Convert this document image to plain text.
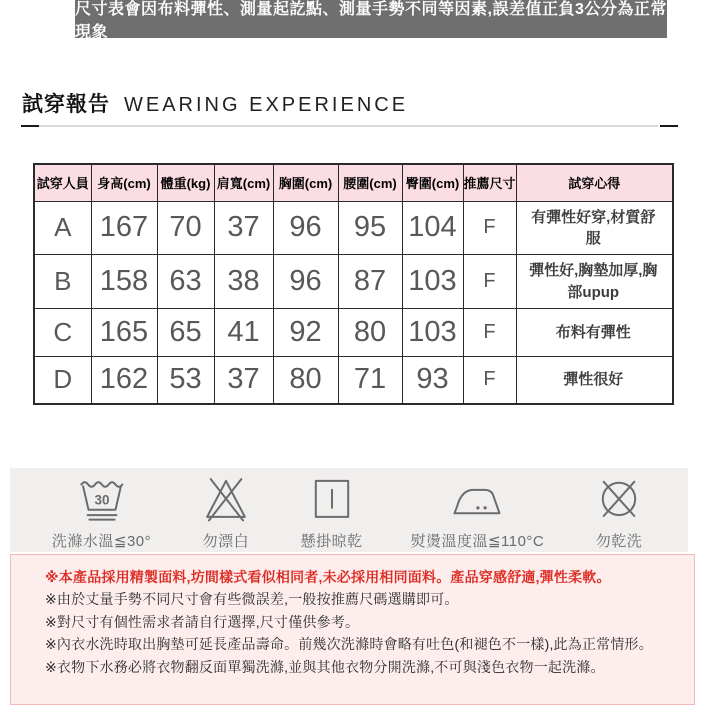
尺寸表會因布料彈性、測量起訖點、測量手勢不同等因素,誤差值正負3公分為正常現象
試穿報告 WEARING EXPERIENCE
試穿人員	身高(cm)	體重(kg)	肩寬(cm)	胸圍(cm)	腰圍(cm)	臀圍(cm)	推薦尺寸	試穿心得
A	167	70	37	96	95	104	F	有彈性好穿,材質舒服
B	158	63	38	96	87	103	F	彈性好,胸墊加厚,胸部upup
C	165	65	41	92	80	103	F	布料有彈性
D	162	53	37	80	71	93	F	彈性很好
30
洗滌水溫≦30°	勿漂白	懸掛晾乾	熨燙溫度溫≦110°C	勿乾洗
※本產品採用精製面料,坊間樣式看似相同者,未必採用相同面料。產品穿感舒適,彈性柔軟。
※由於丈量手勢不同尺寸會有些微誤差,一般按推薦尺碼選購即可。
※對尺寸有個性需求者請自行選擇,尺寸僅供參考。
※內衣水洗時取出胸墊可延長產品壽命。前幾次洗滌時會略有吐色(和褪色不一樣),此為正常情形。
※衣物下水務必將衣物翻反面單獨洗滌,並與其他衣物分開洗滌,不可與淺色衣物一起洗滌。
